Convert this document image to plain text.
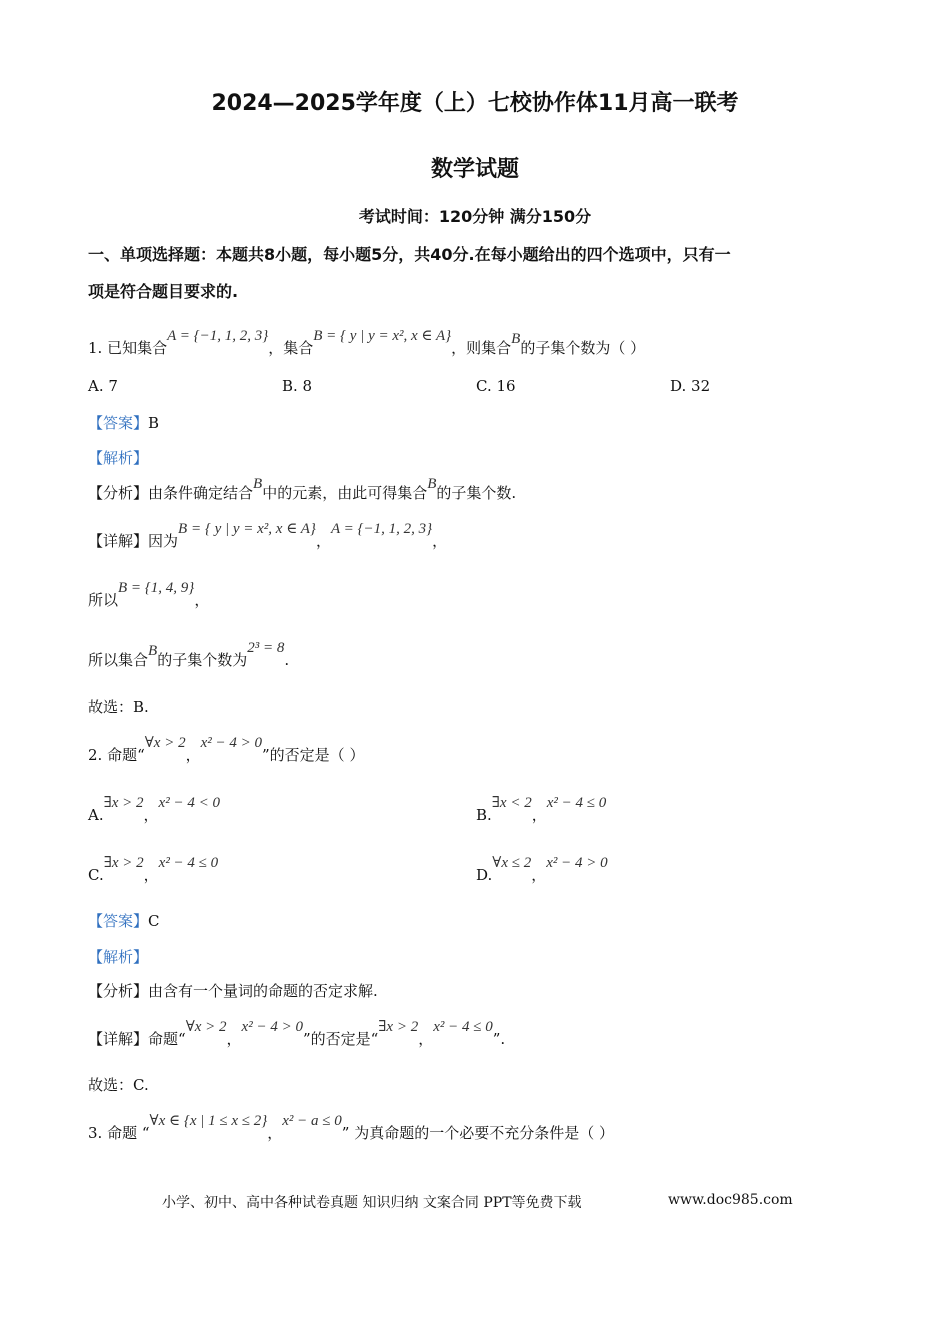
2024—2025学年度（上）七校协作体11月高一联考
数学试题
考试时间：120分钟 满分150分
一、单项选择题：本题共8小题，每小题5分，共40分.在每小题给出的四个选项中，只有一
项是符合题目要求的.
1. 已知集合A = {−1, 1, 2, 3}，集合B = { y | y = x², x ∈ A}，则集合B的子集个数为（ ）
A. 7	B. 8	C. 16	D. 32
【答案】B
【解析】
【分析】由条件确定结合B中的元素，由此可得集合B的子集个数.
【详解】因为B = { y | y = x², x ∈ A}，A = {−1, 1, 2, 3}，
所以B = {1, 4, 9}，
所以集合B的子集个数为2³ = 8.
故选：B.
2. 命题“∀x > 2，x² − 4 > 0”的否定是（ ）
A.∃x > 2，x² − 4 < 0
B.∃x < 2，x² − 4 ≤ 0
C.∃x > 2，x² − 4 ≤ 0
D.∀x ≤ 2，x² − 4 > 0
【答案】C
【解析】
【分析】由含有一个量词的命题的否定求解.
【详解】命题“∀x > 2，x² − 4 > 0”的否定是“∃x > 2，x² − 4 ≤ 0”.
故选：C.
3. 命题 “∀x ∈ {x | 1 ≤ x ≤ 2}，x² − a ≤ 0” 为真命题的一个必要不充分条件是（ ）
小学、初中、高中各种试卷真题 知识归纳 文案合同 PPT等免费下载	www.doc985.com
